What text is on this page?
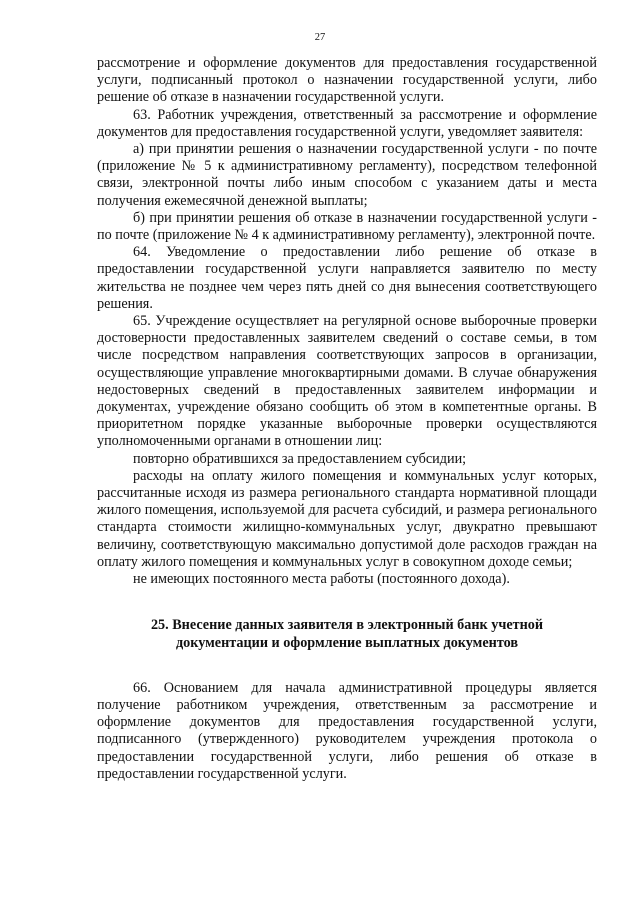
27

рассмотрение и оформление документов для предоставления государственной услуги, подписанный протокол о назначении государственной услуги, либо решение об отказе в назначении государственной услуги.

63. Работник учреждения, ответственный за рассмотрение и оформление документов для предоставления государственной услуги, уведомляет заявителя:

а) при принятии решения о назначении государственной услуги - по почте (приложение № 5 к административному регламенту), посредством телефонной связи, электронной почты либо иным способом с указанием даты и места получения ежемесячной денежной выплаты;

б) при принятии решения об отказе в назначении государственной услуги - по почте (приложение № 4 к административному регламенту), электронной почте.

64. Уведомление о предоставлении либо решение об отказе в предоставлении государственной услуги направляется заявителю по месту жительства не позднее чем через пять дней со дня вынесения соответствующего решения.

65. Учреждение осуществляет на регулярной основе выборочные проверки достоверности предоставленных заявителем сведений о составе семьи, в том числе посредством направления соответствующих запросов в организации, осуществляющие управление многоквартирными домами. В случае обнаружения недостоверных сведений в предоставленных заявителем информации и документах, учреждение обязано сообщить об этом в компетентные органы. В приоритетном порядке указанные выборочные проверки осуществляются уполномоченными органами в отношении лиц:

повторно обратившихся за предоставлением субсидии;

расходы на оплату жилого помещения и коммунальных услуг которых, рассчитанные исходя из размера регионального стандарта нормативной площади жилого помещения, используемой для расчета субсидий, и размера регионального стандарта стоимости жилищно-коммунальных услуг, двукратно превышают величину, соответствующую максимально допустимой доле расходов граждан на оплату жилого помещения и коммунальных услуг в совокупном доходе семьи;

не имеющих постоянного места работы (постоянного дохода).

25. Внесение данных заявителя в электронный банк учетной
документации и оформление выплатных документов

66. Основанием для начала административной процедуры является получение работником учреждения, ответственным за рассмотрение и оформление документов для предоставления государственной услуги, подписанного (утвержденного) руководителем учреждения протокола о предоставлении государственной услуги, либо решения об отказе в предоставлении государственной услуги.
